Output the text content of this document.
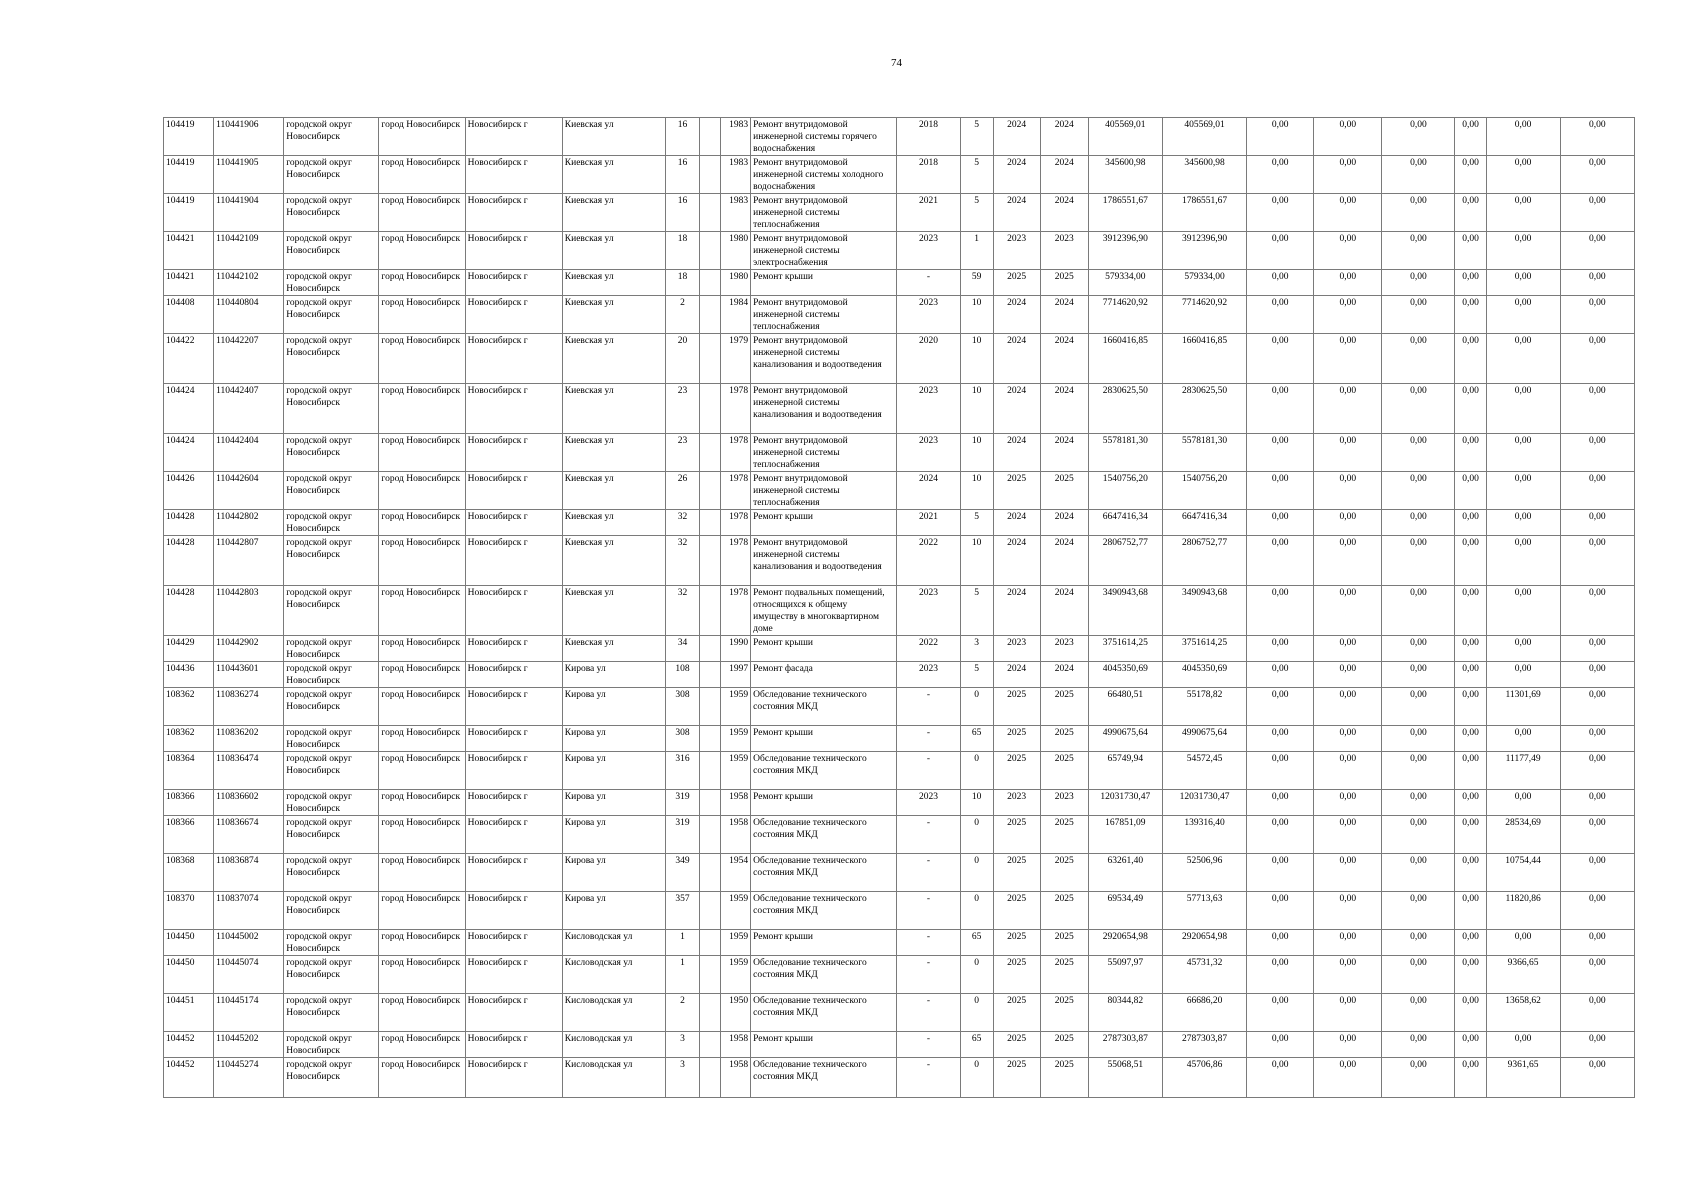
74
104419	110441906	городской округ Новосибирск	город Новосибирск	Новосибирск г	Киевская ул	16		1983	Ремонт внутридомовой инженерной системы горячего водоснабжения	2018	5	2024	2024	405569,01	405569,01	0,00	0,00	0,00	0,00	0,00	0,00
104419	110441905	городской округ Новосибирск	город Новосибирск	Новосибирск г	Киевская ул	16		1983	Ремонт внутридомовой инженерной системы холодного водоснабжения	2018	5	2024	2024	345600,98	345600,98	0,00	0,00	0,00	0,00	0,00	0,00
104419	110441904	городской округ Новосибирск	город Новосибирск	Новосибирск г	Киевская ул	16		1983	Ремонт внутридомовой инженерной системы теплоснабжения	2021	5	2024	2024	1786551,67	1786551,67	0,00	0,00	0,00	0,00	0,00	0,00
104421	110442109	городской округ Новосибирск	город Новосибирск	Новосибирск г	Киевская ул	18		1980	Ремонт внутридомовой инженерной системы электроснабжения	2023	1	2023	2023	3912396,90	3912396,90	0,00	0,00	0,00	0,00	0,00	0,00
104421	110442102	городской округ Новосибирск	город Новосибирск	Новосибирск г	Киевская ул	18		1980	Ремонт крыши	-	59	2025	2025	579334,00	579334,00	0,00	0,00	0,00	0,00	0,00	0,00
104408	110440804	городской округ Новосибирск	город Новосибирск	Новосибирск г	Киевская ул	2		1984	Ремонт внутридомовой инженерной системы теплоснабжения	2023	10	2024	2024	7714620,92	7714620,92	0,00	0,00	0,00	0,00	0,00	0,00
104422	110442207	городской округ Новосибирск	город Новосибирск	Новосибирск г	Киевская ул	20		1979	Ремонт внутридомовой инженерной системы канализования и водоотведения	2020	10	2024	2024	1660416,85	1660416,85	0,00	0,00	0,00	0,00	0,00	0,00
104424	110442407	городской округ Новосибирск	город Новосибирск	Новосибирск г	Киевская ул	23		1978	Ремонт внутридомовой инженерной системы канализования и водоотведения	2023	10	2024	2024	2830625,50	2830625,50	0,00	0,00	0,00	0,00	0,00	0,00
104424	110442404	городской округ Новосибирск	город Новосибирск	Новосибирск г	Киевская ул	23		1978	Ремонт внутридомовой инженерной системы теплоснабжения	2023	10	2024	2024	5578181,30	5578181,30	0,00	0,00	0,00	0,00	0,00	0,00
104426	110442604	городской округ Новосибирск	город Новосибирск	Новосибирск г	Киевская ул	26		1978	Ремонт внутридомовой инженерной системы теплоснабжения	2024	10	2025	2025	1540756,20	1540756,20	0,00	0,00	0,00	0,00	0,00	0,00
104428	110442802	городской округ Новосибирск	город Новосибирск	Новосибирск г	Киевская ул	32		1978	Ремонт крыши	2021	5	2024	2024	6647416,34	6647416,34	0,00	0,00	0,00	0,00	0,00	0,00
104428	110442807	городской округ Новосибирск	город Новосибирск	Новосибирск г	Киевская ул	32		1978	Ремонт внутридомовой инженерной системы канализования и водоотведения	2022	10	2024	2024	2806752,77	2806752,77	0,00	0,00	0,00	0,00	0,00	0,00
104428	110442803	городской округ Новосибирск	город Новосибирск	Новосибирск г	Киевская ул	32		1978	Ремонт подвальных помещений, относящихся к общему имуществу в многоквартирном доме	2023	5	2024	2024	3490943,68	3490943,68	0,00	0,00	0,00	0,00	0,00	0,00
104429	110442902	городской округ Новосибирск	город Новосибирск	Новосибирск г	Киевская ул	34		1990	Ремонт крыши	2022	3	2023	2023	3751614,25	3751614,25	0,00	0,00	0,00	0,00	0,00	0,00
104436	110443601	городской округ Новосибирск	город Новосибирск	Новосибирск г	Кирова ул	108		1997	Ремонт фасада	2023	5	2024	2024	4045350,69	4045350,69	0,00	0,00	0,00	0,00	0,00	0,00
108362	110836274	городской округ Новосибирск	город Новосибирск	Новосибирск г	Кирова ул	308		1959	Обследование технического состояния МКД	-	0	2025	2025	66480,51	55178,82	0,00	0,00	0,00	0,00	11301,69	0,00
108362	110836202	городской округ Новосибирск	город Новосибирск	Новосибирск г	Кирова ул	308		1959	Ремонт крыши	-	65	2025	2025	4990675,64	4990675,64	0,00	0,00	0,00	0,00	0,00	0,00
108364	110836474	городской округ Новосибирск	город Новосибирск	Новосибирск г	Кирова ул	316		1959	Обследование технического состояния МКД	-	0	2025	2025	65749,94	54572,45	0,00	0,00	0,00	0,00	11177,49	0,00
108366	110836602	городской округ Новосибирск	город Новосибирск	Новосибирск г	Кирова ул	319		1958	Ремонт крыши	2023	10	2023	2023	12031730,47	12031730,47	0,00	0,00	0,00	0,00	0,00	0,00
108366	110836674	городской округ Новосибирск	город Новосибирск	Новосибирск г	Кирова ул	319		1958	Обследование технического состояния МКД	-	0	2025	2025	167851,09	139316,40	0,00	0,00	0,00	0,00	28534,69	0,00
108368	110836874	городской округ Новосибирск	город Новосибирск	Новосибирск г	Кирова ул	349		1954	Обследование технического состояния МКД	-	0	2025	2025	63261,40	52506,96	0,00	0,00	0,00	0,00	10754,44	0,00
108370	110837074	городской округ Новосибирск	город Новосибирск	Новосибирск г	Кирова ул	357		1959	Обследование технического состояния МКД	-	0	2025	2025	69534,49	57713,63	0,00	0,00	0,00	0,00	11820,86	0,00
104450	110445002	городской округ Новосибирск	город Новосибирск	Новосибирск г	Кисловодская ул	1		1959	Ремонт крыши	-	65	2025	2025	2920654,98	2920654,98	0,00	0,00	0,00	0,00	0,00	0,00
104450	110445074	городской округ Новосибирск	город Новосибирск	Новосибирск г	Кисловодская ул	1		1959	Обследование технического состояния МКД	-	0	2025	2025	55097,97	45731,32	0,00	0,00	0,00	0,00	9366,65	0,00
104451	110445174	городской округ Новосибирск	город Новосибирск	Новосибирск г	Кисловодская ул	2		1950	Обследование технического состояния МКД	-	0	2025	2025	80344,82	66686,20	0,00	0,00	0,00	0,00	13658,62	0,00
104452	110445202	городской округ Новосибирск	город Новосибирск	Новосибирск г	Кисловодская ул	3		1958	Ремонт крыши	-	65	2025	2025	2787303,87	2787303,87	0,00	0,00	0,00	0,00	0,00	0,00
104452	110445274	городской округ Новосибирск	город Новосибирск	Новосибирск г	Кисловодская ул	3		1958	Обследование технического состояния МКД	-	0	2025	2025	55068,51	45706,86	0,00	0,00	0,00	0,00	9361,65	0,00
